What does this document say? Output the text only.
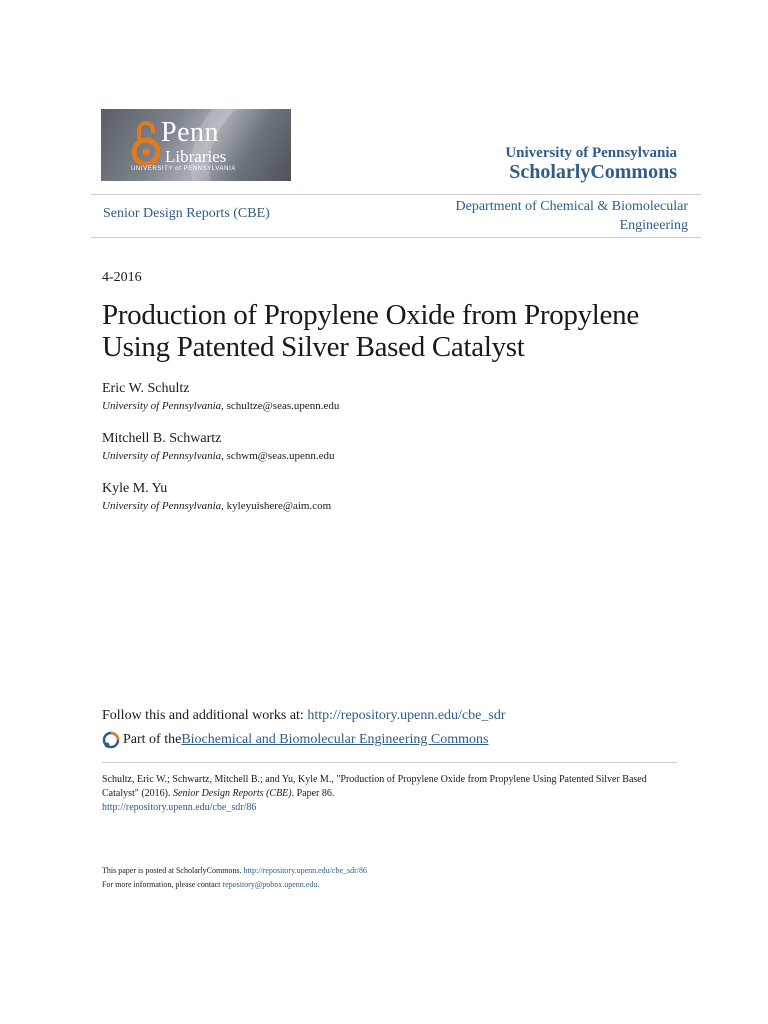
Penn
Libraries
UNIVERSITY of PENNSYLVANIA
University of Pennsylvania
ScholarlyCommons
Senior Design Reports (CBE)	Department of Chemical & Biomolecular
Engineering
4-2016
Production of Propylene Oxide from Propylene
Using Patented Silver Based Catalyst
Eric W. Schultz
University of Pennsylvania, schultze@seas.upenn.edu
Mitchell B. Schwartz
University of Pennsylvania, schwm@seas.upenn.edu
Kyle M. Yu
University of Pennsylvania, kyleyuishere@aim.com
Follow this and additional works at: http://repository.upenn.edu/cbe_sdr
Part of the Biochemical and Biomolecular Engineering Commons
Schultz, Eric W.; Schwartz, Mitchell B.; and Yu, Kyle M., "Production of Propylene Oxide from Propylene Using Patented Silver Based
Catalyst" (2016). Senior Design Reports (CBE). Paper 86.
http://repository.upenn.edu/cbe_sdr/86
This paper is posted at ScholarlyCommons. http://repository.upenn.edu/cbe_sdr/86
For more information, please contact repository@pobox.upenn.edu.
